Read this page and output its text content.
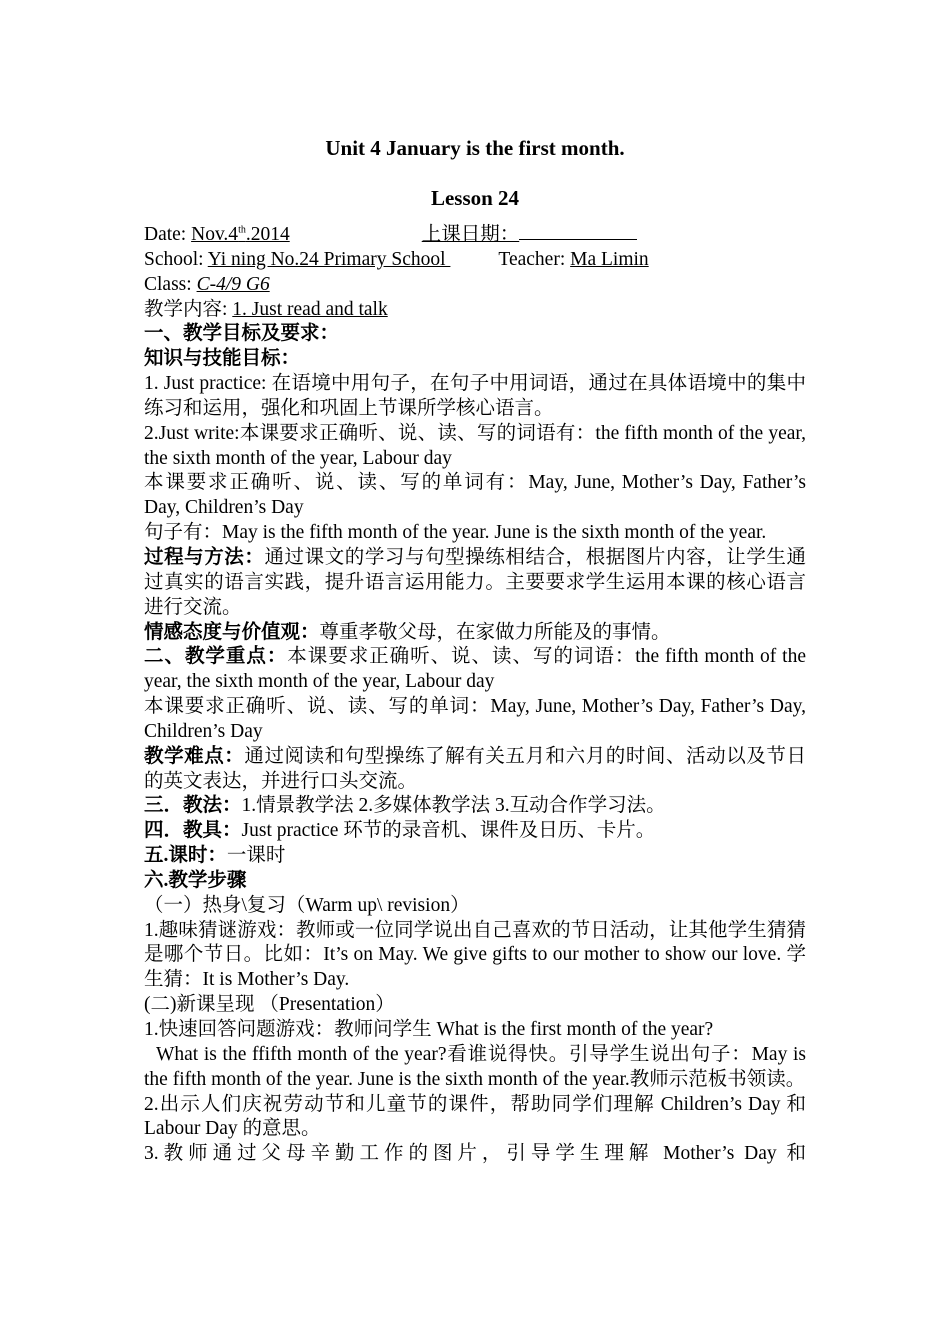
Unit 4 January is the first month.
Lesson 24

Date: Nov.4th.2014	上课日期：

School: Yi ning No.24 Primary School Teacher: Ma Limin

Class: C-4/9 G6

教学内容: 1. Just read and talk

一、教学目标及要求：

知识与技能目标：

1. Just practice: 在语境中用句子，在句子中用词语，通过在具体语境中的集中练习和运用，强化和巩固上节课所学核心语言。

2.Just write:本课要求正确听、说、读、写的词语有：the fifth month of the year, the sixth month of the year, Labour day

本课要求正确听、说、读、写的单词有：May, June, Mother’s Day, Father’s Day, Children’s Day

句子有：May is the fifth month of the year. June is the sixth month of the year.

过程与方法：通过课文的学习与句型操练相结合，根据图片内容，让学生通过真实的语言实践，提升语言运用能力。主要要求学生运用本课的核心语言进行交流。

情感态度与价值观：尊重孝敬父母，在家做力所能及的事情。

二、教学重点：本课要求正确听、说、读、写的词语：the fifth month of the year, the sixth month of the year, Labour day

本课要求正确听、说、读、写的单词：May, June, Mother’s Day, Father’s Day, Children’s Day

教学难点：通过阅读和句型操练了解有关五月和六月的时间、活动以及节日的英文表达，并进行口头交流。

三．教法：1.情景教学法 2.多媒体教学法 3.互动合作学习法。

四．教具：Just practice 环节的录音机、课件及日历、卡片。

五.课时：一课时

六.教学步骤

（一）热身\复习（Warm up\ revision）

1.趣味猜谜游戏：教师或一位同学说出自己喜欢的节日活动，让其他学生猜猜是哪个节日。比如：It’s on May. We give gifts to our mother to show our love. 学生猜：It is Mother’s Day.

(二)新课呈现 （Presentation）

1.快速回答问题游戏：教师问学生 What is the first month of the year?

What is the ffifth month of the year?看谁说得快。引导学生说出句子：May is the fifth month of the year. June is the sixth month of the year.教师示范板书领读。

2.出示人们庆祝劳动节和儿童节的课件，帮助同学们理解 Children’s Day 和 Labour Day 的意思。

3.教师通过父母辛勤工作的图片，引导学生理解 Mother’s Day 和
